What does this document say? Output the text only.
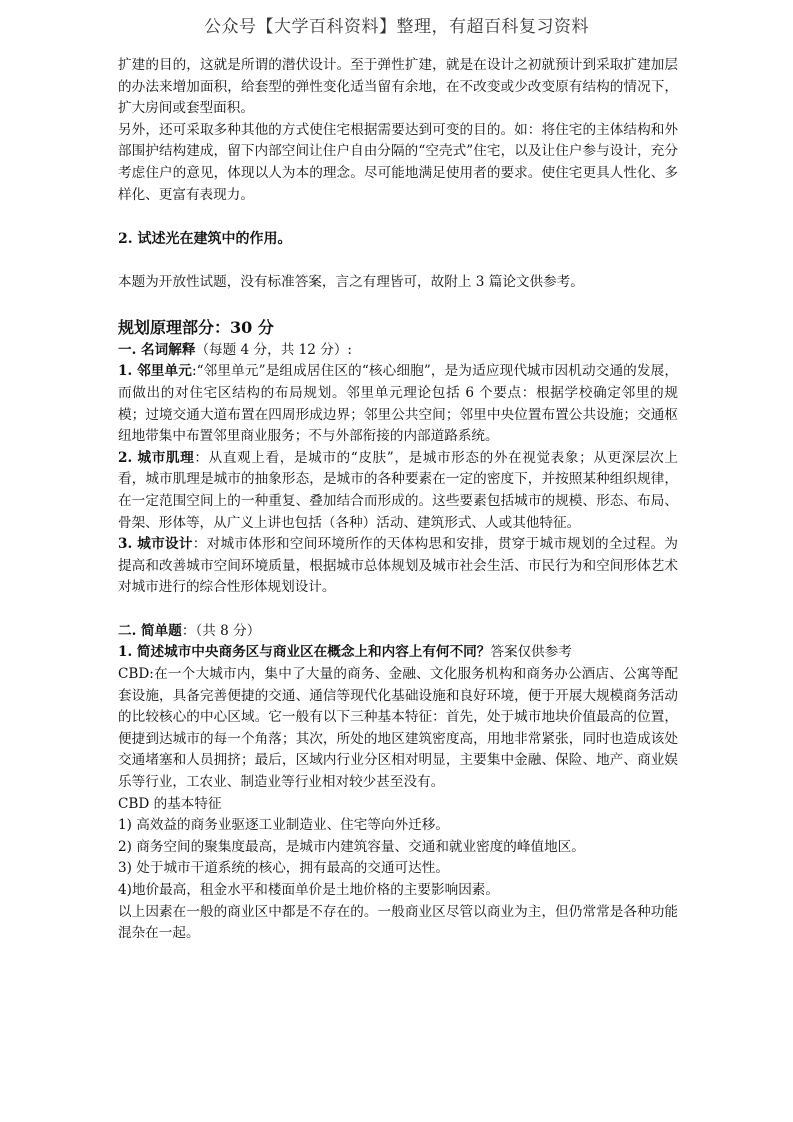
公众号【大学百科资料】整理，有超百科复习资料

扩建的目的，这就是所谓的潜伏设计。至于弹性扩建，就是在设计之初就预计到采取扩建加层的办法来增加面积，给套型的弹性变化适当留有余地，在不改变或少改变原有结构的情况下，扩大房间或套型面积。

另外，还可采取多种其他的方式使住宅根据需要达到可变的目的。如：将住宅的主体结构和外部围护结构建成，留下内部空间让住户自由分隔的“空壳式”住宅，以及让住户参与设计，充分考虑住户的意见，体现以人为本的理念。尽可能地满足使用者的要求。使住宅更具人性化、多样化、更富有表现力。

2. 试述光在建筑中的作用。

本题为开放性试题，没有标准答案，言之有理皆可，故附上 3 篇论文供参考。

规划原理部分：30 分

一. 名词解释（每题 4 分，共 12 分）:

1. 邻里单元:“邻里单元”是组成居住区的“核心细胞”，是为适应现代城市因机动交通的发展，而做出的对住宅区结构的布局规划。邻里单元理论包括 6 个要点：根据学校确定邻里的规模；过境交通大道布置在四周形成边界；邻里公共空间；邻里中央位置布置公共设施；交通枢纽地带集中布置邻里商业服务；不与外部衔接的内部道路系统。

2. 城市肌理：从直观上看，是城市的“皮肤”，是城市形态的外在视觉表象；从更深层次上看，城市肌理是城市的抽象形态，是城市的各种要素在一定的密度下，并按照某种组织规律，在一定范围空间上的一种重复、叠加结合而形成的。这些要素包括城市的规模、形态、布局、骨架、形体等，从广义上讲也包括（各种）活动、建筑形式、人或其他特征。

3. 城市设计：对城市体形和空间环境所作的天体构思和安排，贯穿于城市规划的全过程。为提高和改善城市空间环境质量，根据城市总体规划及城市社会生活、市民行为和空间形体艺术对城市进行的综合性形体规划设计。

二. 简单题：（共 8 分）

1. 简述城市中央商务区与商业区在概念上和内容上有何不同？答案仅供参考

CBD:在一个大城市内，集中了大量的商务、金融、文化服务机构和商务办公酒店、公寓等配套设施，具备完善便捷的交通、通信等现代化基础设施和良好环境，便于开展大规模商务活动的比较核心的中心区域。它一般有以下三种基本特征：首先，处于城市地块价值最高的位置，便捷到达城市的每一个角落；其次，所处的地区建筑密度高，用地非常紧张，同时也造成该处交通堵塞和人员拥挤；最后，区域内行业分区相对明显，主要集中金融、保险、地产、商业娱乐等行业，工农业、制造业等行业相对较少甚至没有。

CBD 的基本特征

1) 高效益的商务业驱逐工业制造业、住宅等向外迁移。

2) 商务空间的聚集度最高，是城市内建筑容量、交通和就业密度的峰值地区。

3) 处于城市干道系统的核心，拥有最高的交通可达性。

4)地价最高，租金水平和楼面单价是土地价格的主要影响因素。

以上因素在一般的商业区中都是不存在的。一般商业区尽管以商业为主，但仍常常是各种功能混杂在一起。
